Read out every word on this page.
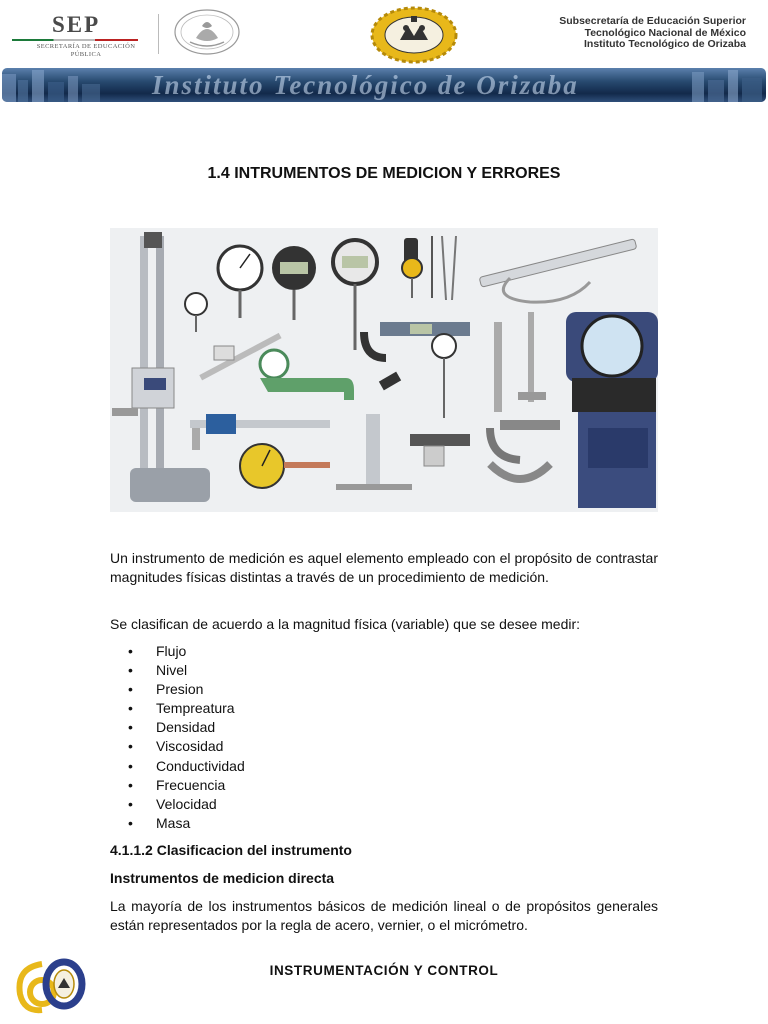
SEP
SECRETARÍA DE EDUCACIÓN PÚBLICA
Subsecretaría de Educación Superior
Tecnológico Nacional de México
Instituto Tecnológico de Orizaba
Instituto Tecnológico de Orizaba
1.4 INTRUMENTOS DE MEDICION Y ERRORES

Un instrumento de medición es aquel elemento empleado con el propósito de contrastar magnitudes físicas distintas a través de un procedimiento de medición.

Se clasifican de acuerdo a la magnitud física (variable) que se desee medir:

• Flujo
• Nivel
• Presion
• Tempreatura
• Densidad
• Viscosidad
• Conductividad
• Frecuencia
• Velocidad
• Masa
4.1.1.2 Clasificacion del instrumento
Instrumentos de medicion directa

La mayoría de los instrumentos básicos de medición lineal o de propósitos generales están representados por la regla de acero, vernier, o el micrómetro.

INSTRUMENTACIÓN Y CONTROL
